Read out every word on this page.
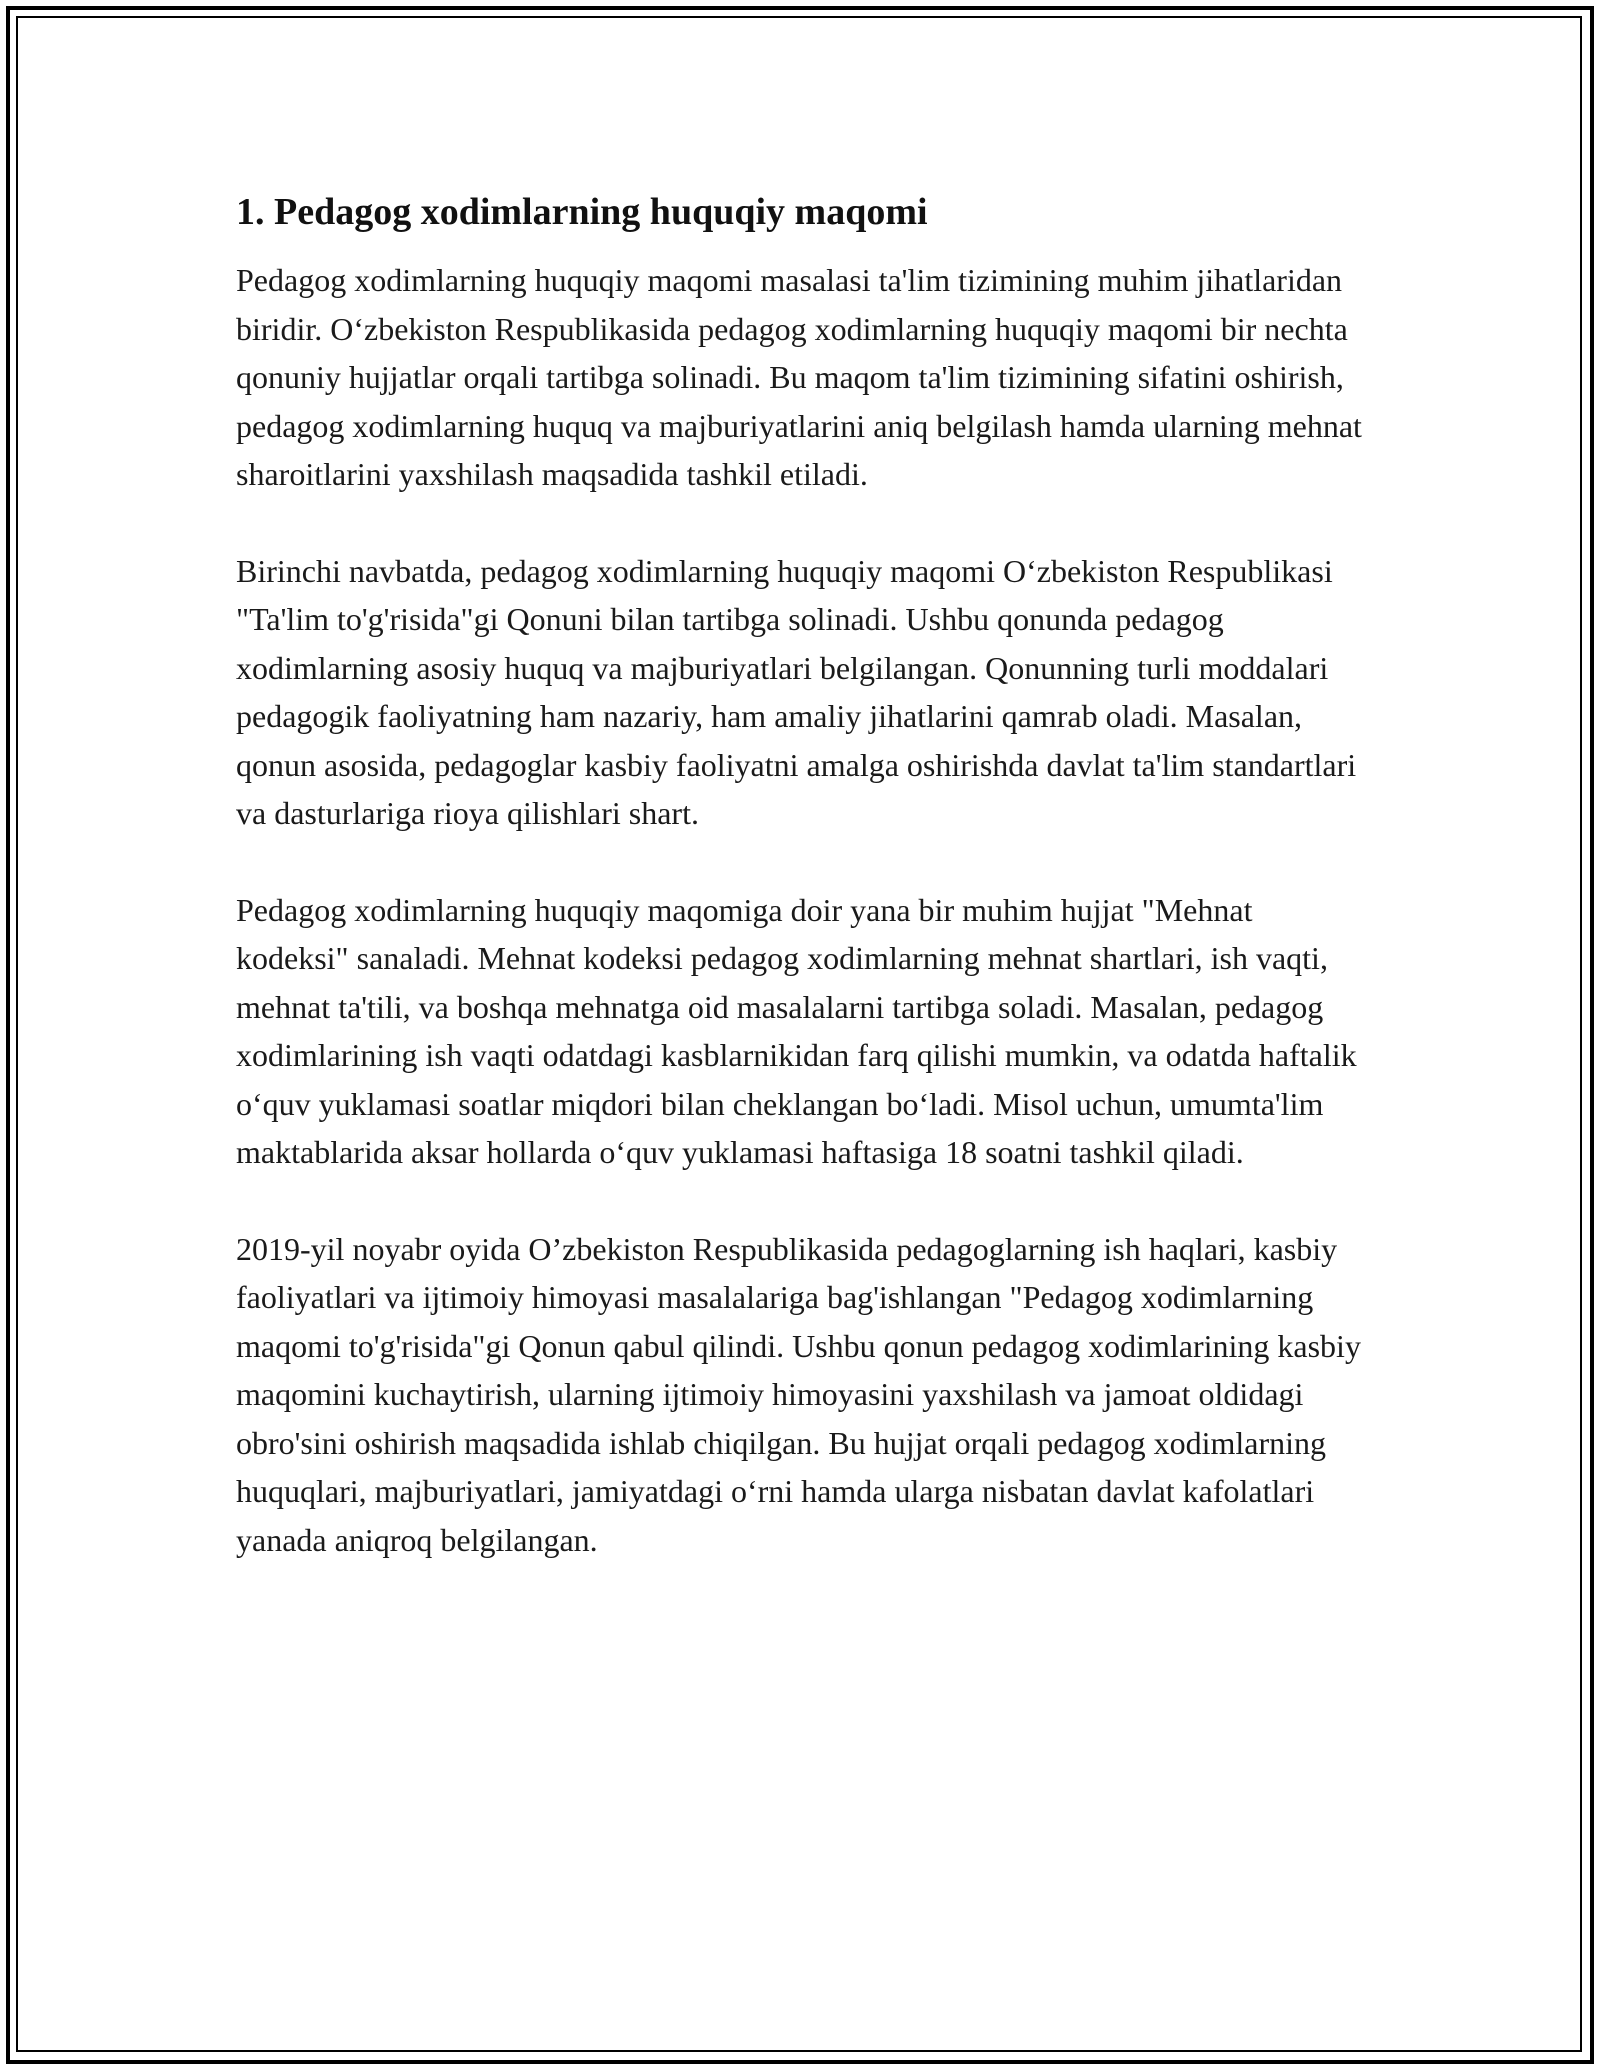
1. Pedagog xodimlarning huquqiy maqomi

Pedagog xodimlarning huquqiy maqomi masalasi ta'lim tizimining muhim jihatlaridan biridir. O‘zbekiston Respublikasida pedagog xodimlarning huquqiy maqomi bir nechta qonuniy hujjatlar orqali tartibga solinadi. Bu maqom ta'lim tizimining sifatini oshirish, pedagog xodimlarning huquq va majburiyatlarini aniq belgilash hamda ularning mehnat sharoitlarini yaxshilash maqsadida tashkil etiladi.

Birinchi navbatda, pedagog xodimlarning huquqiy maqomi O‘zbekiston Respublikasi "Ta'lim to'g'risida"gi Qonuni bilan tartibga solinadi. Ushbu qonunda pedagog xodimlarning asosiy huquq va majburiyatlari belgilangan. Qonunning turli moddalari pedagogik faoliyatning ham nazariy, ham amaliy jihatlarini qamrab oladi. Masalan, qonun asosida, pedagoglar kasbiy faoliyatni amalga oshirishda davlat ta'lim standartlari va dasturlariga rioya qilishlari shart.

Pedagog xodimlarning huquqiy maqomiga doir yana bir muhim hujjat "Mehnat kodeksi" sanaladi. Mehnat kodeksi pedagog xodimlarning mehnat shartlari, ish vaqti, mehnat ta'tili, va boshqa mehnatga oid masalalarni tartibga soladi. Masalan, pedagog xodimlarining ish vaqti odatdagi kasblarnikidan farq qilishi mumkin, va odatda haftalik o‘quv yuklamasi soatlar miqdori bilan cheklangan bo‘ladi. Misol uchun, umumta'lim maktablarida aksar hollarda o‘quv yuklamasi haftasiga 18 soatni tashkil qiladi.

2019-yil noyabr oyida O’zbekiston Respublikasida pedagoglarning ish haqlari, kasbiy faoliyatlari va ijtimoiy himoyasi masalalariga bag'ishlangan "Pedagog xodimlarning maqomi to'g'risida"gi Qonun qabul qilindi. Ushbu qonun pedagog xodimlarining kasbiy maqomini kuchaytirish, ularning ijtimoiy himoyasini yaxshilash va jamoat oldidagi obro'sini oshirish maqsadida ishlab chiqilgan. Bu hujjat orqali pedagog xodimlarning huquqlari, majburiyatlari, jamiyatdagi o‘rni hamda ularga nisbatan davlat kafolatlari yanada aniqroq belgilangan.
